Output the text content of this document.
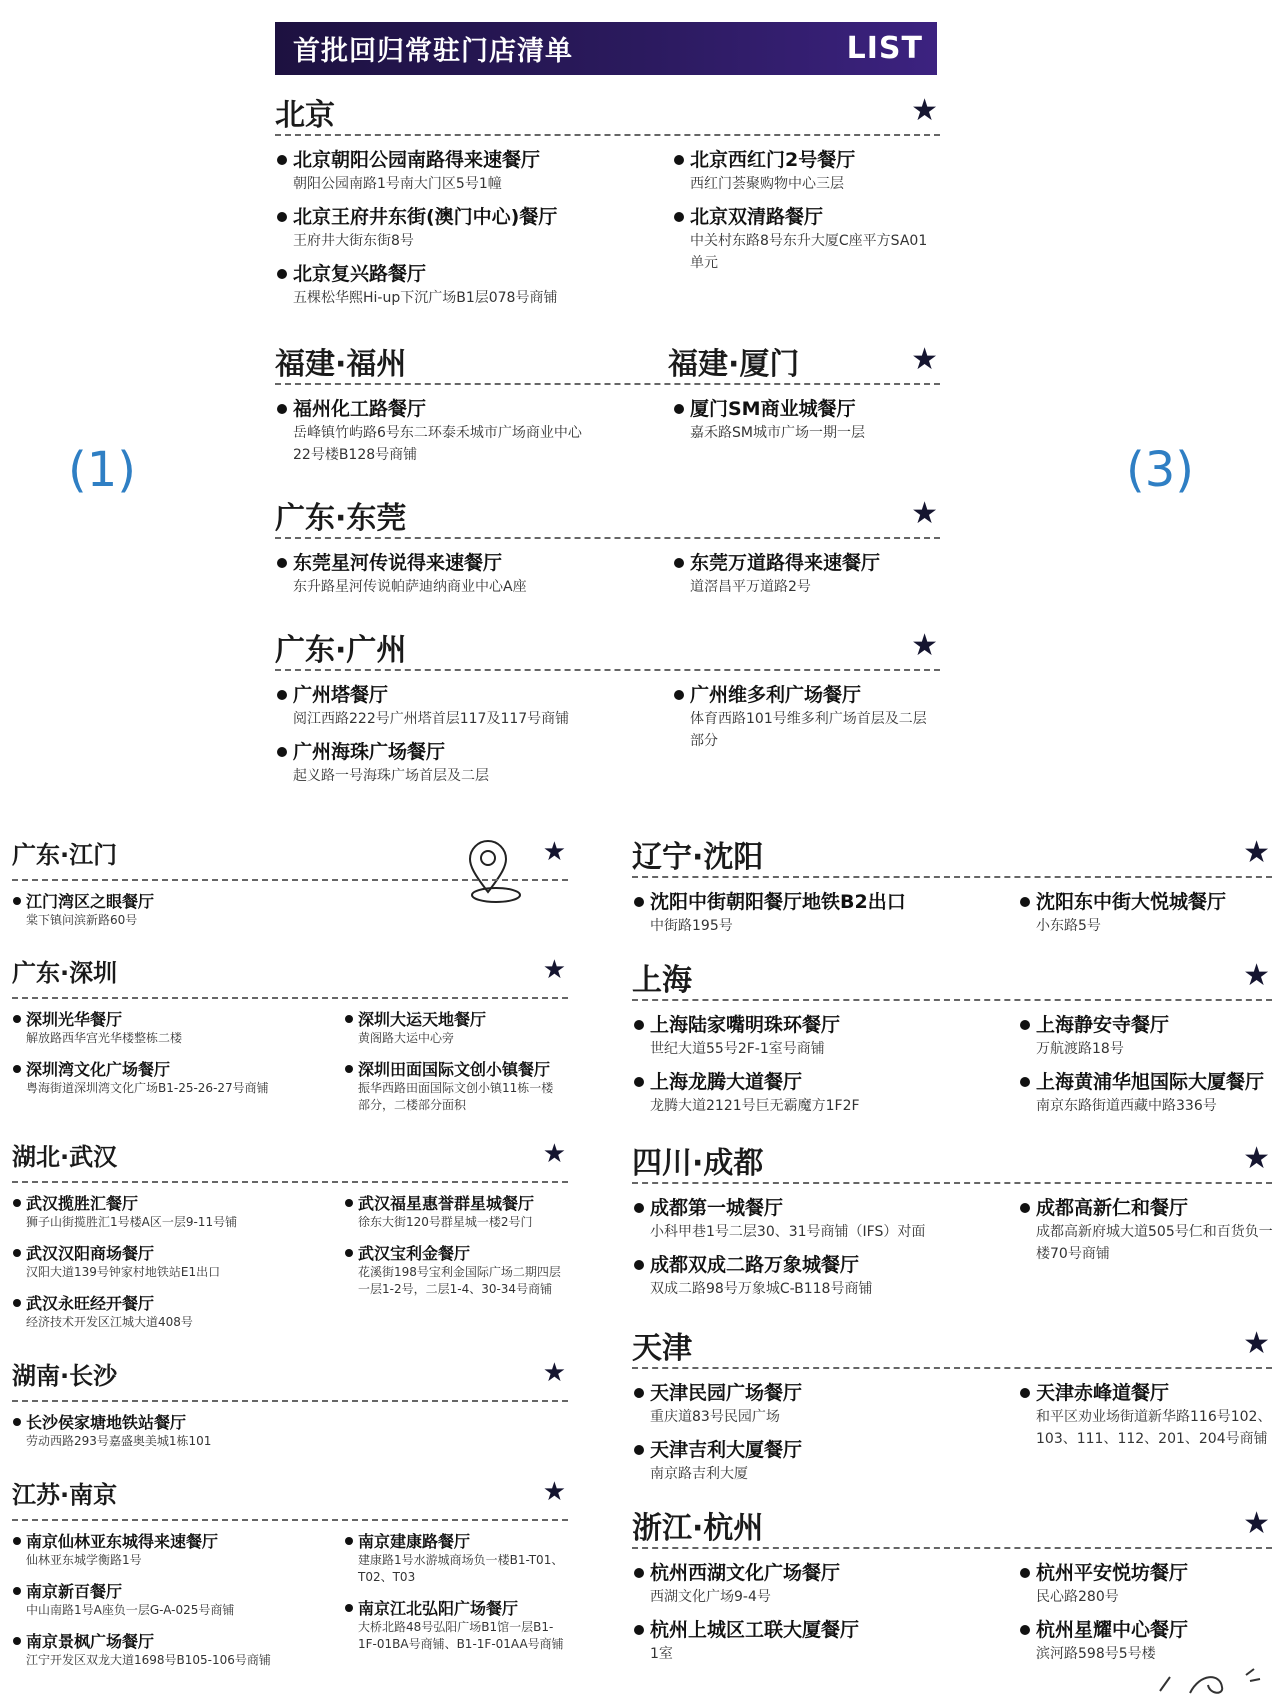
首批回归常驻门店清单	LIST
(1)	(3)
北京	★
北京朝阳公园南路得来速餐厅
朝阳公园南路1号南大门区5号1幢
北京王府井东街(澳门中心)餐厅
王府井大街东街8号
北京复兴路餐厅
五棵松华熙Hi-up下沉广场B1层078号商铺
北京西红门2号餐厅
西红门荟聚购物中心三层
北京双清路餐厅
中关村东路8号东升大厦C座平方SA01单元
福建·福州	福建·厦门	★
福州化工路餐厅
岳峰镇竹屿路6号东二环泰禾城市广场商业中心22号楼B128号商铺
厦门SM商业城餐厅
嘉禾路SM城市广场一期一层
广东·东莞	★
东莞星河传说得来速餐厅
东升路星河传说帕萨迪纳商业中心A座
东莞万道路得来速餐厅
道滘昌平万道路2号
广东·广州	★
广州塔餐厅
阅江西路222号广州塔首层117及117号商铺
广州海珠广场餐厅
起义路一号海珠广场首层及二层
广州维多利广场餐厅
体育西路101号维多利广场首层及二层部分
广东·江门	★
江门湾区之眼餐厅
棠下镇问滨新路60号
广东·深圳	★
深圳光华餐厅
解放路西华宫光华楼整栋二楼
深圳湾文化广场餐厅
粤海街道深圳湾文化广场B1-25-26-27号商铺
深圳大运天地餐厅
黄阁路大运中心旁
深圳田面国际文创小镇餐厅
振华西路田面国际文创小镇11栋一楼部分，二楼部分面积
湖北·武汉	★
武汉揽胜汇餐厅
狮子山街揽胜汇1号楼A区一层9-11号铺
武汉汉阳商场餐厅
汉阳大道139号钟家村地铁站E1出口
武汉永旺经开餐厅
经济技术开发区江城大道408号
武汉福星惠誉群星城餐厅
徐东大街120号群星城一楼2号门
武汉宝利金餐厅
花溪街198号宝利金国际广场二期四层一层1-2号，二层1-4、30-34号商铺
湖南·长沙	★
长沙侯家塘地铁站餐厅
劳动西路293号嘉盛奥美城1栋101
江苏·南京	★
南京仙林亚东城得来速餐厅
仙林亚东城学衡路1号
南京新百餐厅
中山南路1号A座负一层G-A-025号商铺
南京景枫广场餐厅
江宁开发区双龙大道1698号B105-106号商铺
南京建康路餐厅
建康路1号水游城商场负一楼B1-T01、T02、T03
南京江北弘阳广场餐厅
大桥北路48号弘阳广场B1馆一层B1-1F-01BA号商铺、B1-1F-01AA号商铺
辽宁·沈阳	★
沈阳中街朝阳餐厅地铁B2出口
中街路195号
沈阳东中街大悦城餐厅
小东路5号
上海	★
上海陆家嘴明珠环餐厅
世纪大道55号2F-1室号商铺
上海龙腾大道餐厅
龙腾大道2121号巨无霸魔方1F2F
上海静安寺餐厅
万航渡路18号
上海黄浦华旭国际大厦餐厅
南京东路街道西藏中路336号
四川·成都	★
成都第一城餐厅
小科甲巷1号二层30、31号商铺（IFS）对面
成都双成二路万象城餐厅
双成二路98号万象城C-B118号商铺
成都高新仁和餐厅
成都高新府城大道505号仁和百货负一楼70号商铺
天津	★
天津民园广场餐厅
重庆道83号民园广场
天津吉利大厦餐厅
南京路吉利大厦
天津赤峰道餐厅
和平区劝业场街道新华路116号102、103、111、112、201、204号商铺
浙江·杭州	★
杭州西湖文化广场餐厅
西湖文化广场9-4号
杭州上城区工联大厦餐厅
1室
杭州平安悦坊餐厅
民心路280号
杭州星耀中心餐厅
滨河路598号5号楼
